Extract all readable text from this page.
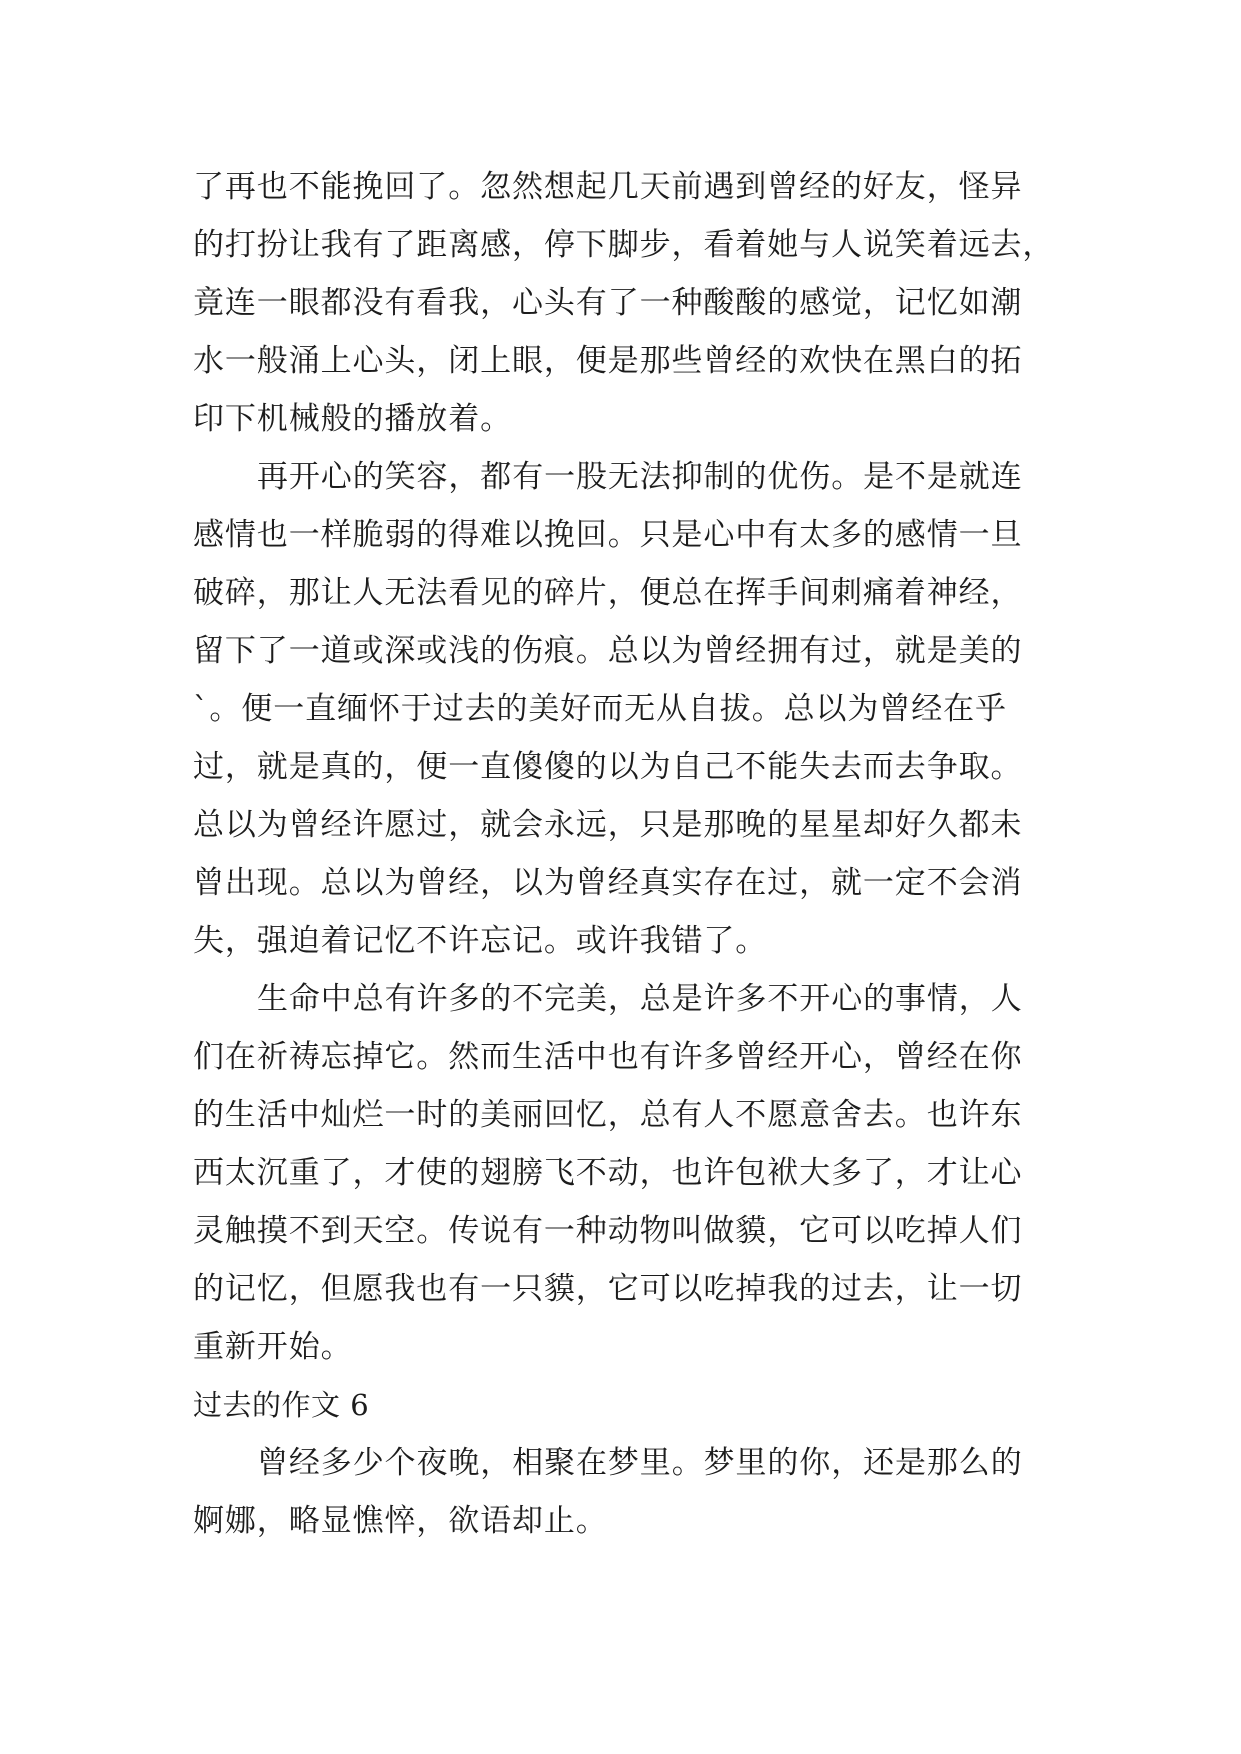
了再也不能挽回了。忽然想起几天前遇到曾经的好友，怪异
的打扮让我有了距离感，停下脚步，看着她与人说笑着远去，
竟连一眼都没有看我，心头有了一种酸酸的感觉，记忆如潮
水一般涌上心头，闭上眼，便是那些曾经的欢快在黑白的拓
印下机械般的播放着。
再开心的笑容，都有一股无法抑制的优伤。是不是就连
感情也一样脆弱的得难以挽回。只是心中有太多的感情一旦
破碎，那让人无法看见的碎片，便总在挥手间刺痛着神经，
留下了一道或深或浅的伤痕。总以为曾经拥有过，就是美的
`。便一直缅怀于过去的美好而无从自拔。总以为曾经在乎
过，就是真的，便一直傻傻的以为自己不能失去而去争取。
总以为曾经许愿过，就会永远，只是那晚的星星却好久都未
曾出现。总以为曾经，以为曾经真实存在过，就一定不会消
失，强迫着记忆不许忘记。或许我错了。
生命中总有许多的不完美，总是许多不开心的事情，人
们在祈祷忘掉它。然而生活中也有许多曾经开心，曾经在你
的生活中灿烂一时的美丽回忆，总有人不愿意舍去。也许东
西太沉重了，才使的翅膀飞不动，也许包袱大多了，才让心
灵触摸不到天空。传说有一种动物叫做貘，它可以吃掉人们
的记忆，但愿我也有一只貘，它可以吃掉我的过去，让一切
重新开始。
过去的作文 6
曾经多少个夜晚，相聚在梦里。梦里的你，还是那么的
婀娜，略显憔悴，欲语却止。
